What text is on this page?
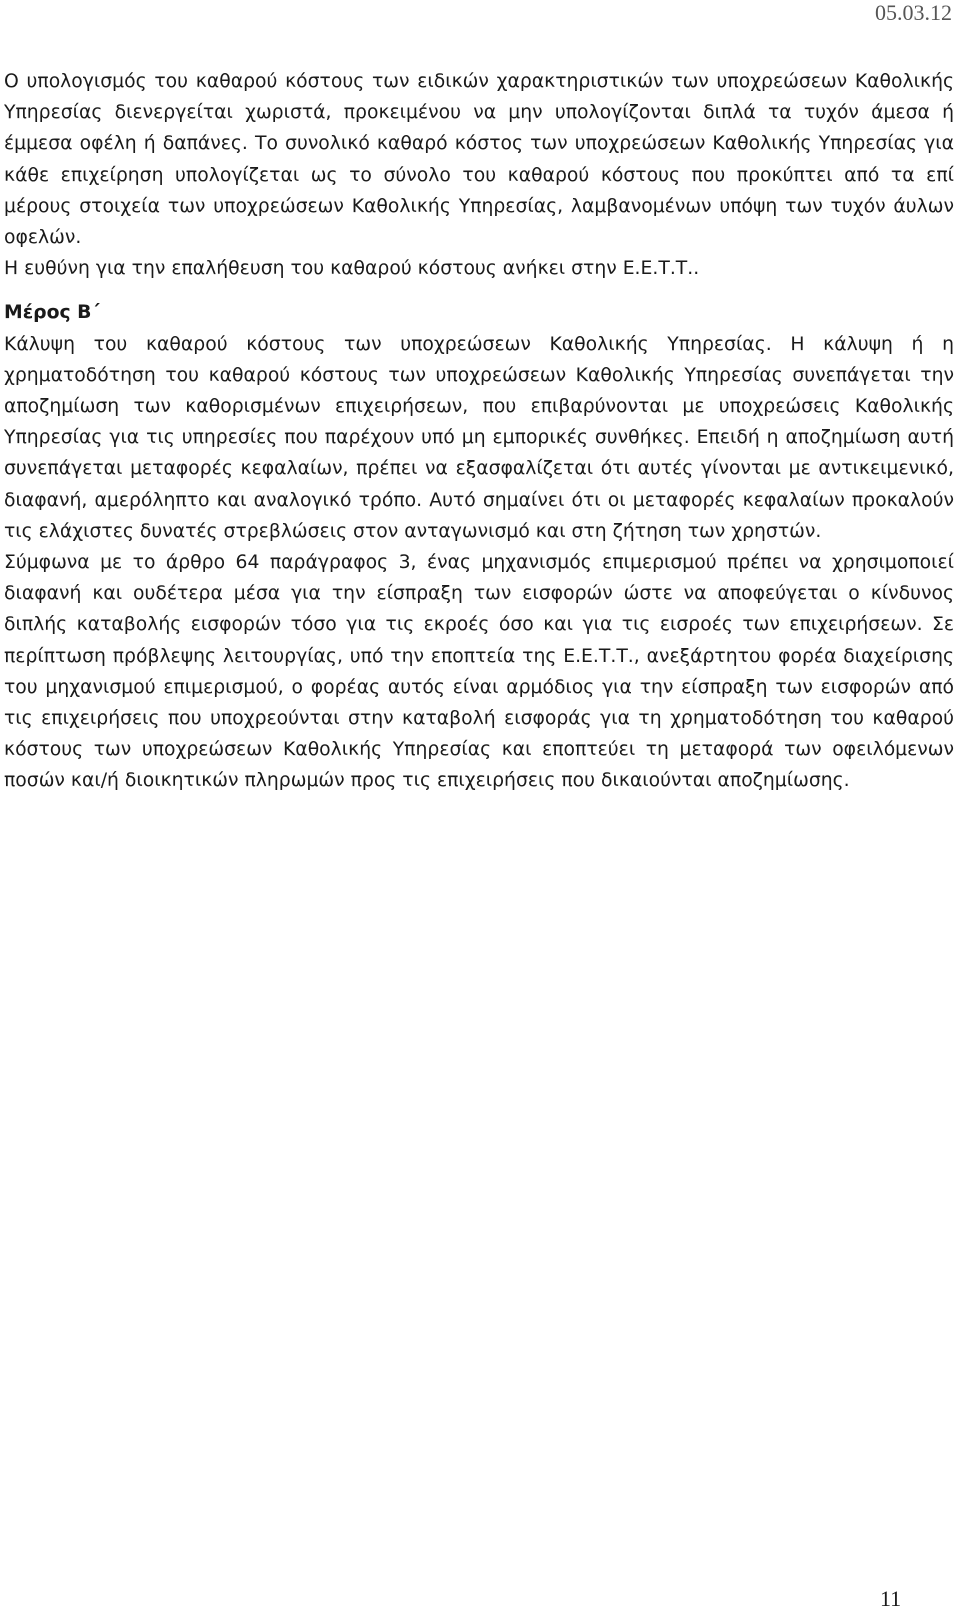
05.03.12

Ο υπολογισμός του καθαρού κόστους των ειδικών χαρακτηριστικών των υποχρεώσεων Καθολικής Υπηρεσίας διενεργείται χωριστά, προκειμένου να μην υπολογίζονται διπλά τα τυχόν άμεσα ή έμμεσα οφέλη ή δαπάνες. Το συνολικό καθαρό κόστος των υποχρεώσεων Καθολικής Υπηρεσίας για κάθε επιχείρηση υπολογίζεται ως το σύνολο του καθαρού κόστους που προκύπτει από τα επί μέρους στοιχεία των υποχρεώσεων Καθολικής Υπηρεσίας, λαμβανομένων υπόψη των τυχόν άυλων οφελών.

Η ευθύνη για την επαλήθευση του καθαρού κόστους ανήκει στην Ε.Ε.Τ.Τ..

Μέρος Β΄

Κάλυψη του καθαρού κόστους των υποχρεώσεων Καθολικής Υπηρεσίας. Η κάλυψη ή η χρηματοδότηση του καθαρού κόστους των υποχρεώσεων Καθολικής Υπηρεσίας συνεπάγεται την αποζημίωση των καθορισμένων επιχειρήσεων, που επιβαρύνονται με υποχρεώσεις Καθολικής Υπηρεσίας για τις υπηρεσίες που παρέχουν υπό μη εμπορικές συνθήκες. Επειδή η αποζημίωση αυτή συνεπάγεται μεταφορές κεφαλαίων, πρέπει να εξασφαλίζεται ότι αυτές γίνονται με αντικειμενικό, διαφανή, αμερόληπτο και αναλογικό τρόπο. Αυτό σημαίνει ότι οι μεταφορές κεφαλαίων προκαλούν τις ελάχιστες δυνατές στρεβλώσεις στον ανταγωνισμό και στη ζήτηση των χρηστών.

Σύμφωνα με το άρθρο 64 παράγραφος 3, ένας μηχανισμός επιμερισμού πρέπει να χρησιμοποιεί διαφανή και ουδέτερα μέσα για την είσπραξη των εισφορών ώστε να αποφεύγεται ο κίνδυνος διπλής καταβολής εισφορών τόσο για τις εκροές όσο και για τις εισροές των επιχειρήσεων. Σε περίπτωση πρόβλεψης λειτουργίας, υπό την εποπτεία της Ε.Ε.Τ.Τ., ανεξάρτητου φορέα διαχείρισης του μηχανισμού επιμερισμού, ο φορέας αυτός είναι αρμόδιος για την είσπραξη των εισφορών από τις επιχειρήσεις που υποχρεούνται στην καταβολή εισφοράς για τη χρηματοδότηση του καθαρού κόστους των υποχρεώσεων Καθολικής Υπηρεσίας και εποπτεύει τη μεταφορά των οφειλόμενων ποσών και/ή διοικητικών πληρωμών προς τις επιχειρήσεις που δικαιούνται αποζημίωσης.

11
